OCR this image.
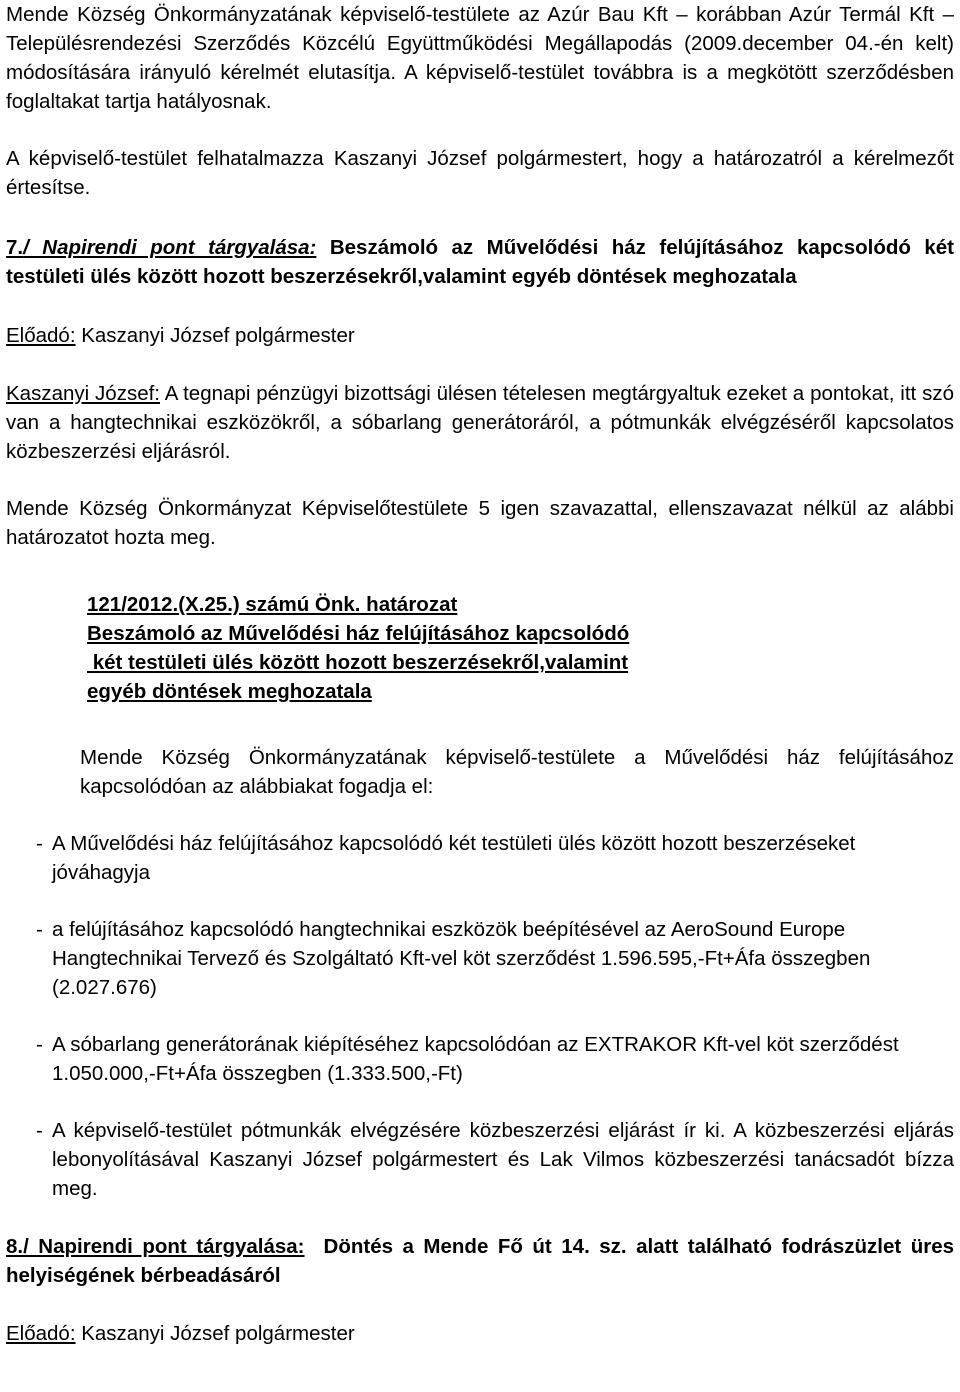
Mende Község Önkormányzatának képviselő-testülete az Azúr Bau Kft – korábban Azúr Termál Kft – Településrendezési Szerződés Közcélú Együttműködési Megállapodás (2009.december 04.-én kelt) módosítására irányuló kérelmét elutasítja. A képviselő-testület továbbra is a megkötött szerződésben foglaltakat tartja hatályosnak.

A képviselő-testület felhatalmazza Kaszanyi József polgármestert, hogy a határozatról a kérelmezőt értesítse.

7./ Napirendi pont tárgyalása: Beszámoló az Művelődési ház felújításához kapcsolódó két testületi ülés között hozott beszerzésekről,valamint egyéb döntések meghozatala

Előadó: Kaszanyi József polgármester

Kaszanyi József: A tegnapi pénzügyi bizottsági ülésen tételesen megtárgyaltuk ezeket a pontokat, itt szó van a hangtechnikai eszközökről, a sóbarlang generátoráról, a pótmunkák elvégzéséről kapcsolatos közbeszerzési eljárásról.

Mende Község Önkormányzat Képviselőtestülete 5 igen szavazattal, ellenszavazat nélkül az alábbi határozatot hozta meg.

121/2012.(X.25.) számú Önk. határozat
Beszámoló az Művelődési ház felújításához kapcsolódó
két testületi ülés között hozott beszerzésekről,valamint
egyéb döntések meghozatala

Mende Község Önkormányzatának képviselő-testülete a Művelődési ház felújításához kapcsolódóan az alábbiakat fogadja el:

- A Művelődési ház felújításához kapcsolódó két testületi ülés között hozott beszerzéseket jóváhagyja
- a felújításához kapcsolódó hangtechnikai eszközök beépítésével az AeroSound Europe Hangtechnikai Tervező és Szolgáltató Kft-vel köt szerződést 1.596.595,-Ft+Áfa összegben (2.027.676)
- A sóbarlang generátorának kiépítéséhez kapcsolódóan az EXTRAKOR Kft-vel köt szerződést 1.050.000,-Ft+Áfa összegben (1.333.500,-Ft)
- A képviselő-testület pótmunkák elvégzésére közbeszerzési eljárást ír ki. A közbeszerzési eljárás lebonyolításával Kaszanyi József polgármestert és Lak Vilmos közbeszerzési tanácsadót bízza meg.

8./ Napirendi pont tárgyalása:  Döntés a Mende Fő út 14. sz. alatt található fodrászüzlet üres helyiségének bérbeadásáról

Előadó: Kaszanyi József polgármester
